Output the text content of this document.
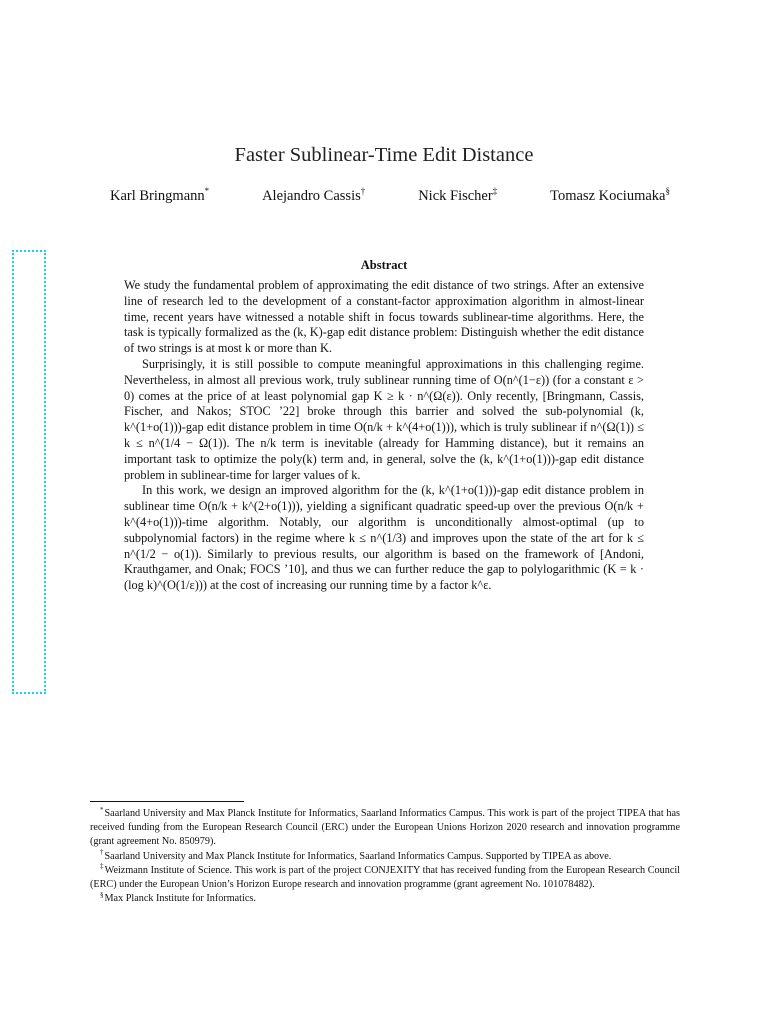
Faster Sublinear-Time Edit Distance
Karl Bringmann*	Alejandro Cassis†	Nick Fischer‡	Tomasz Kociumaka§
Abstract

We study the fundamental problem of approximating the edit distance of two strings. After an extensive line of research led to the development of a constant-factor approximation algorithm in almost-linear time, recent years have witnessed a notable shift in focus towards sublinear-time algorithms. Here, the task is typically formalized as the (k, K)-gap edit distance problem: Distinguish whether the edit distance of two strings is at most k or more than K.

Surprisingly, it is still possible to compute meaningful approximations in this challenging regime. Nevertheless, in almost all previous work, truly sublinear running time of O(n^(1−ε)) (for a constant ε > 0) comes at the price of at least polynomial gap K ≥ k · n^(Ω(ε)). Only recently, [Bringmann, Cassis, Fischer, and Nakos; STOC ’22] broke through this barrier and solved the sub-polynomial (k, k^(1+o(1)))-gap edit distance problem in time O(n/k + k^(4+o(1))), which is truly sublinear if n^(Ω(1)) ≤ k ≤ n^(1/4 − Ω(1)). The n/k term is inevitable (already for Hamming distance), but it remains an important task to optimize the poly(k) term and, in general, solve the (k, k^(1+o(1)))-gap edit distance problem in sublinear-time for larger values of k.

In this work, we design an improved algorithm for the (k, k^(1+o(1)))-gap edit distance problem in sublinear time O(n/k + k^(2+o(1))), yielding a significant quadratic speed-up over the previous O(n/k + k^(4+o(1)))-time algorithm. Notably, our algorithm is unconditionally almost-optimal (up to subpolynomial factors) in the regime where k ≤ n^(1/3) and improves upon the state of the art for k ≤ n^(1/2 − o(1)). Similarly to previous results, our algorithm is based on the framework of [Andoni, Krauthgamer, and Onak; FOCS ’10], and thus we can further reduce the gap to polylogarithmic (K = k · (log k)^(O(1/ε))) at the cost of increasing our running time by a factor k^ε.

*Saarland University and Max Planck Institute for Informatics, Saarland Informatics Campus. This work is part of the project TIPEA that has received funding from the European Research Council (ERC) under the European Unions Horizon 2020 research and innovation programme (grant agreement No. 850979).

†Saarland University and Max Planck Institute for Informatics, Saarland Informatics Campus. Supported by TIPEA as above.

‡Weizmann Institute of Science. This work is part of the project CONJEXITY that has received funding from the European Research Council (ERC) under the European Union’s Horizon Europe research and innovation programme (grant agreement No. 101078482).

§Max Planck Institute for Informatics.
